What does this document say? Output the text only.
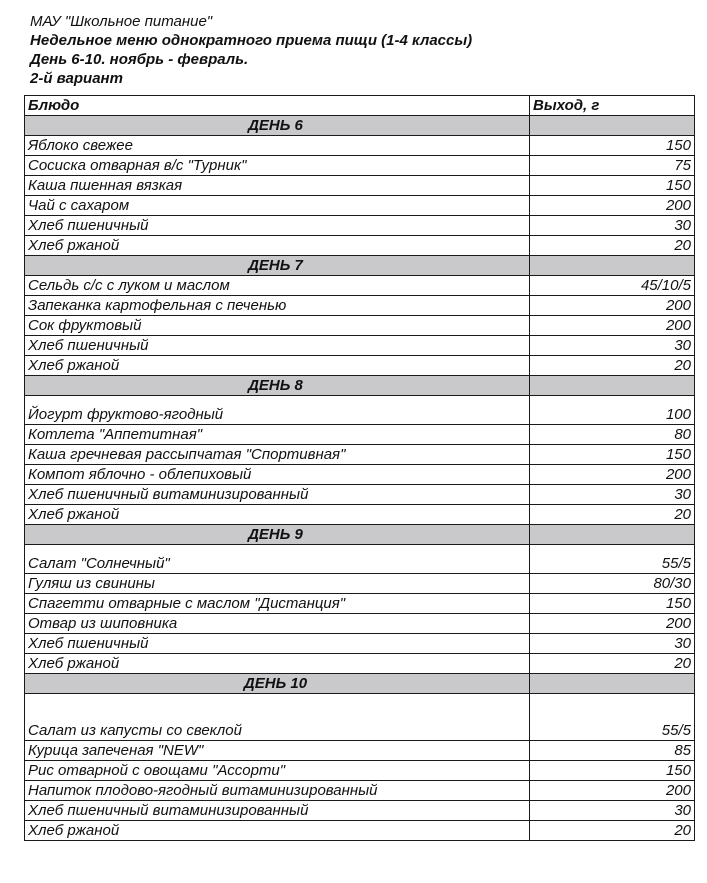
МАУ "Школьное питание"
Недельное меню однократного приема пищи (1-4 классы)
День 6-10. ноябрь - февраль.
2-й вариант
Блюдо	Выход, г
ДЕНЬ 6	
Яблоко свежее	150
Сосиска отварная в/с "Турник"	75
Каша пшенная вязкая	150
Чай с сахаром	200
Хлеб пшеничный	30
Хлеб ржаной	20
ДЕНЬ 7	
Сельдь с/с с луком и маслом	45/10/5
Запеканка картофельная с печенью	200
Сок фруктовый	200
Хлеб пшеничный	30
Хлеб ржаной	20
ДЕНЬ 8	
Йогурт фруктово-ягодный	100
Котлета "Аппетитная"	80
Каша гречневая рассыпчатая "Спортивная"	150
Компот яблочно - облепиховый	200
Хлеб пшеничный витаминизированный	30
Хлеб ржаной	20
ДЕНЬ 9	
Салат "Солнечный"	55/5
Гуляш из свинины	80/30
Спагетти отварные с маслом "Дистанция"	150
Отвар из шиповника	200
Хлеб пшеничный	30
Хлеб ржаной	20
ДЕНЬ 10	
Салат из капусты со свеклой	55/5
Курица запеченая "NEW"	85
Рис отварной с овощами "Ассорти"	150
Напиток плодово-ягодный витаминизированный	200
Хлеб пшеничный витаминизированный	30
Хлеб ржаной	20
